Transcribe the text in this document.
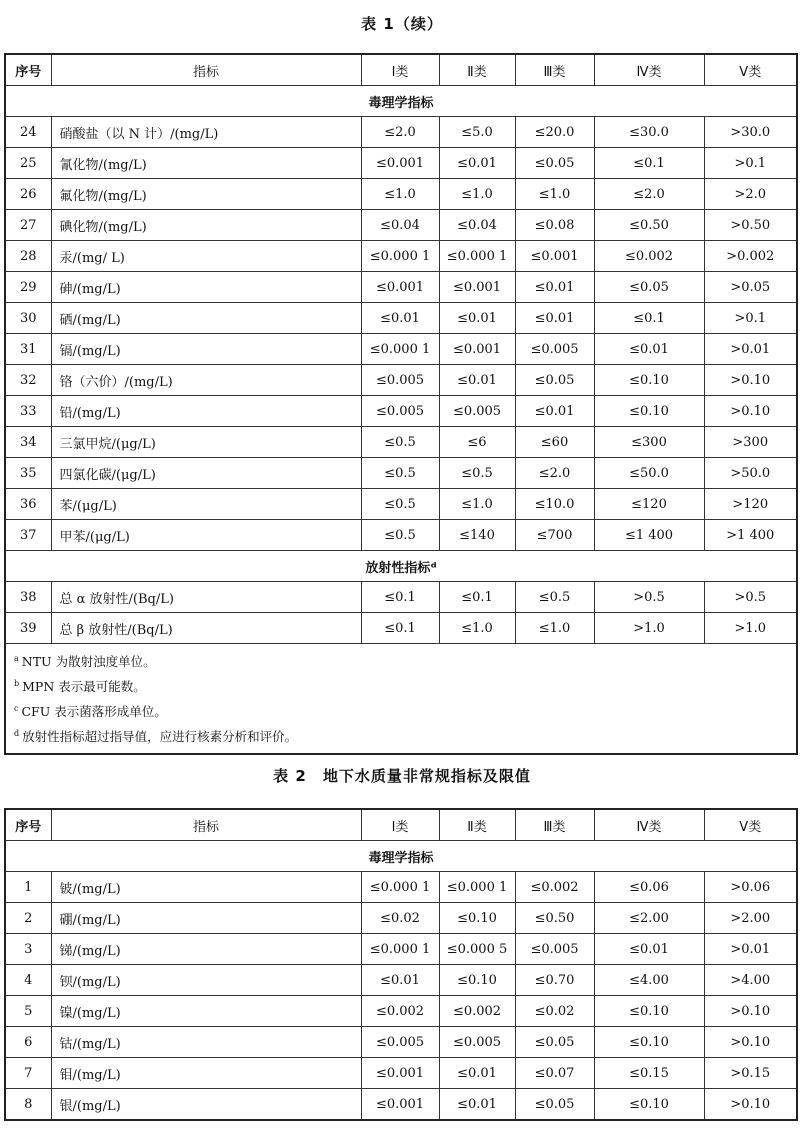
表 1（续）
序号	指标	Ⅰ类	Ⅱ类	Ⅲ类	Ⅳ类	Ⅴ类
毒理学指标						
24	硝酸盐（以 N 计）/(mg/L)	≤2.0	≤5.0	≤20.0	≤30.0	>30.0
25	氰化物/(mg/L)	≤0.001	≤0.01	≤0.05	≤0.1	>0.1
26	氟化物/(mg/L)	≤1.0	≤1.0	≤1.0	≤2.0	>2.0
27	碘化物/(mg/L)	≤0.04	≤0.04	≤0.08	≤0.50	>0.50
28	汞/(mg/ L)	≤0.000 1	≤0.000 1	≤0.001	≤0.002	>0.002
29	砷/(mg/L)	≤0.001	≤0.001	≤0.01	≤0.05	>0.05
30	硒/(mg/L)	≤0.01	≤0.01	≤0.01	≤0.1	>0.1
31	镉/(mg/L)	≤0.000 1	≤0.001	≤0.005	≤0.01	>0.01
32	铬（六价）/(mg/L)	≤0.005	≤0.01	≤0.05	≤0.10	>0.10
33	铅/(mg/L)	≤0.005	≤0.005	≤0.01	≤0.10	>0.10
34	三氯甲烷/(μg/L)	≤0.5	≤6	≤60	≤300	>300
35	四氯化碳/(μg/L)	≤0.5	≤0.5	≤2.0	≤50.0	>50.0
36	苯/(μg/L)	≤0.5	≤1.0	≤10.0	≤120	>120
37	甲苯/(μg/L)	≤0.5	≤140	≤700	≤1 400	>1 400
放射性指标ᵈ						
38	总 α 放射性/(Bq/L)	≤0.1	≤0.1	≤0.5	>0.5	>0.5
39	总 β 放射性/(Bq/L)	≤0.1	≤1.0	≤1.0	>1.0	>1.0

$^a$ NTU 为散射浊度单位。
$^b$ MPN 表示最可能数。
$^c$ CFU 表示菌落形成单位。
$^d$ 放射性指标超过指导值，应进行核素分析和评价。						
表 2　地下水质量非常规指标及限值
序号	指标	Ⅰ类	Ⅱ类	Ⅲ类	Ⅳ类	Ⅴ类
毒理学指标						
1	铍/(mg/L)	≤0.000 1	≤0.000 1	≤0.002	≤0.06	>0.06
2	硼/(mg/L)	≤0.02	≤0.10	≤0.50	≤2.00	>2.00
3	锑/(mg/L)	≤0.000 1	≤0.000 5	≤0.005	≤0.01	>0.01
4	钡/(mg/L)	≤0.01	≤0.10	≤0.70	≤4.00	>4.00
5	镍/(mg/L)	≤0.002	≤0.002	≤0.02	≤0.10	>0.10
6	钴/(mg/L)	≤0.005	≤0.005	≤0.05	≤0.10	>0.10
7	钼/(mg/L)	≤0.001	≤0.01	≤0.07	≤0.15	>0.15
8	银/(mg/L)	≤0.001	≤0.01	≤0.05	≤0.10	>0.10
